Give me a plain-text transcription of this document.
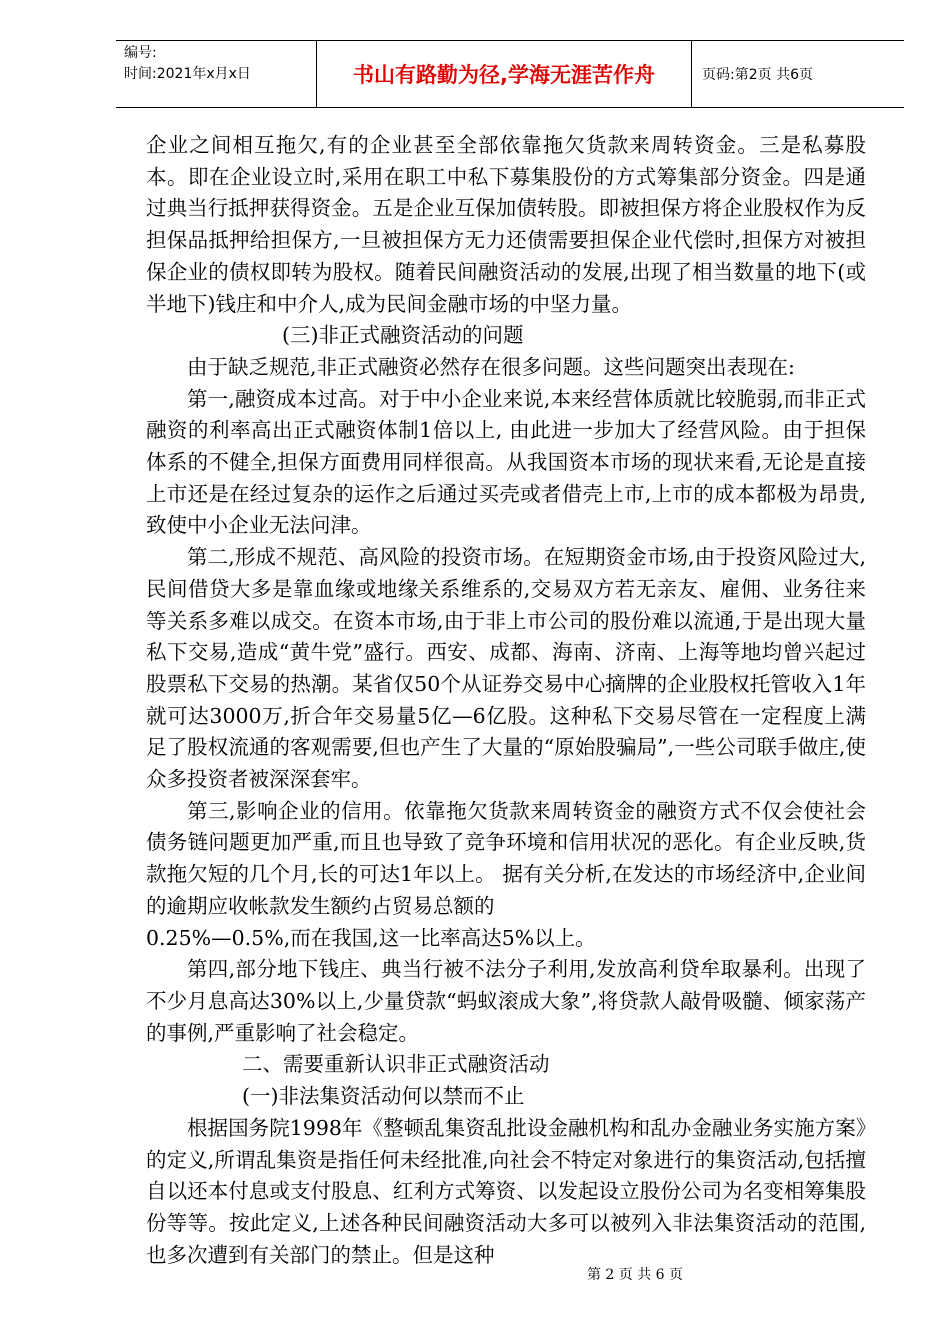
编号:
时间:2021年x月x日	书山有路勤为径,学海无涯苦作舟	页码:第2页 共6页

企业之间相互拖欠,有的企业甚至全部依靠拖欠货款来周转资金。三是私募股本。即在企业设立时,采用在职工中私下募集股份的方式筹集部分资金。四是通过典当行抵押获得资金。五是企业互保加债转股。即被担保方将企业股权作为反担保品抵押给担保方,一旦被担保方无力还债需要担保企业代偿时,担保方对被担保企业的债权即转为股权。随着民间融资活动的发展,出现了相当数量的地下(或半地下)钱庄和中介人,成为民间金融市场的中坚力量。

(三)非正式融资活动的问题

由于缺乏规范,非正式融资必然存在很多问题。这些问题突出表现在:

第一,融资成本过高。对于中小企业来说,本来经营体质就比较脆弱,而非正式融资的利率高出正式融资体制1倍以上, 由此进一步加大了经营风险。由于担保体系的不健全,担保方面费用同样很高。从我国资本市场的现状来看,无论是直接上市还是在经过复杂的运作之后通过买壳或者借壳上市,上市的成本都极为昂贵,致使中小企业无法问津。

第二,形成不规范、高风险的投资市场。在短期资金市场,由于投资风险过大,民间借贷大多是靠血缘或地缘关系维系的,交易双方若无亲友、雇佣、业务往来等关系多难以成交。在资本市场,由于非上市公司的股份难以流通,于是出现大量私下交易,造成“黄牛党”盛行。西安、成都、海南、济南、上海等地均曾兴起过股票私下交易的热潮。某省仅50个从证券交易中心摘牌的企业股权托管收入1年就可达3000万,折合年交易量5亿—6亿股。这种私下交易尽管在一定程度上满足了股权流通的客观需要,但也产生了大量的“原始股骗局”,一些公司联手做庄,使众多投资者被深深套牢。

第三,影响企业的信用。依靠拖欠货款来周转资金的融资方式不仅会使社会债务链问题更加严重,而且也导致了竞争环境和信用状况的恶化。有企业反映,货款拖欠短的几个月,长的可达1年以上。 据有关分析,在发达的市场经济中,企业间的逾期应收帐款发生额约占贸易总额的

0.25%—0.5%,而在我国,这一比率高达5%以上。

第四,部分地下钱庄、典当行被不法分子利用,发放高利贷牟取暴利。出现了不少月息高达30%以上,少量贷款“蚂蚁滚成大象”,将贷款人敲骨吸髓、倾家荡产的事例,严重影响了社会稳定。

二、需要重新认识非正式融资活动

(一)非法集资活动何以禁而不止

根据国务院1998年《整顿乱集资乱批设金融机构和乱办金融业务实施方案》的定义,所谓乱集资是指任何未经批准,向社会不特定对象进行的集资活动,包括擅自以还本付息或支付股息、红利方式筹资、以发起设立股份公司为名变相筹集股份等等。按此定义,上述各种民间融资活动大多可以被列入非法集资活动的范围,也多次遭到有关部门的禁止。但是这种

第 2 页 共 6 页
